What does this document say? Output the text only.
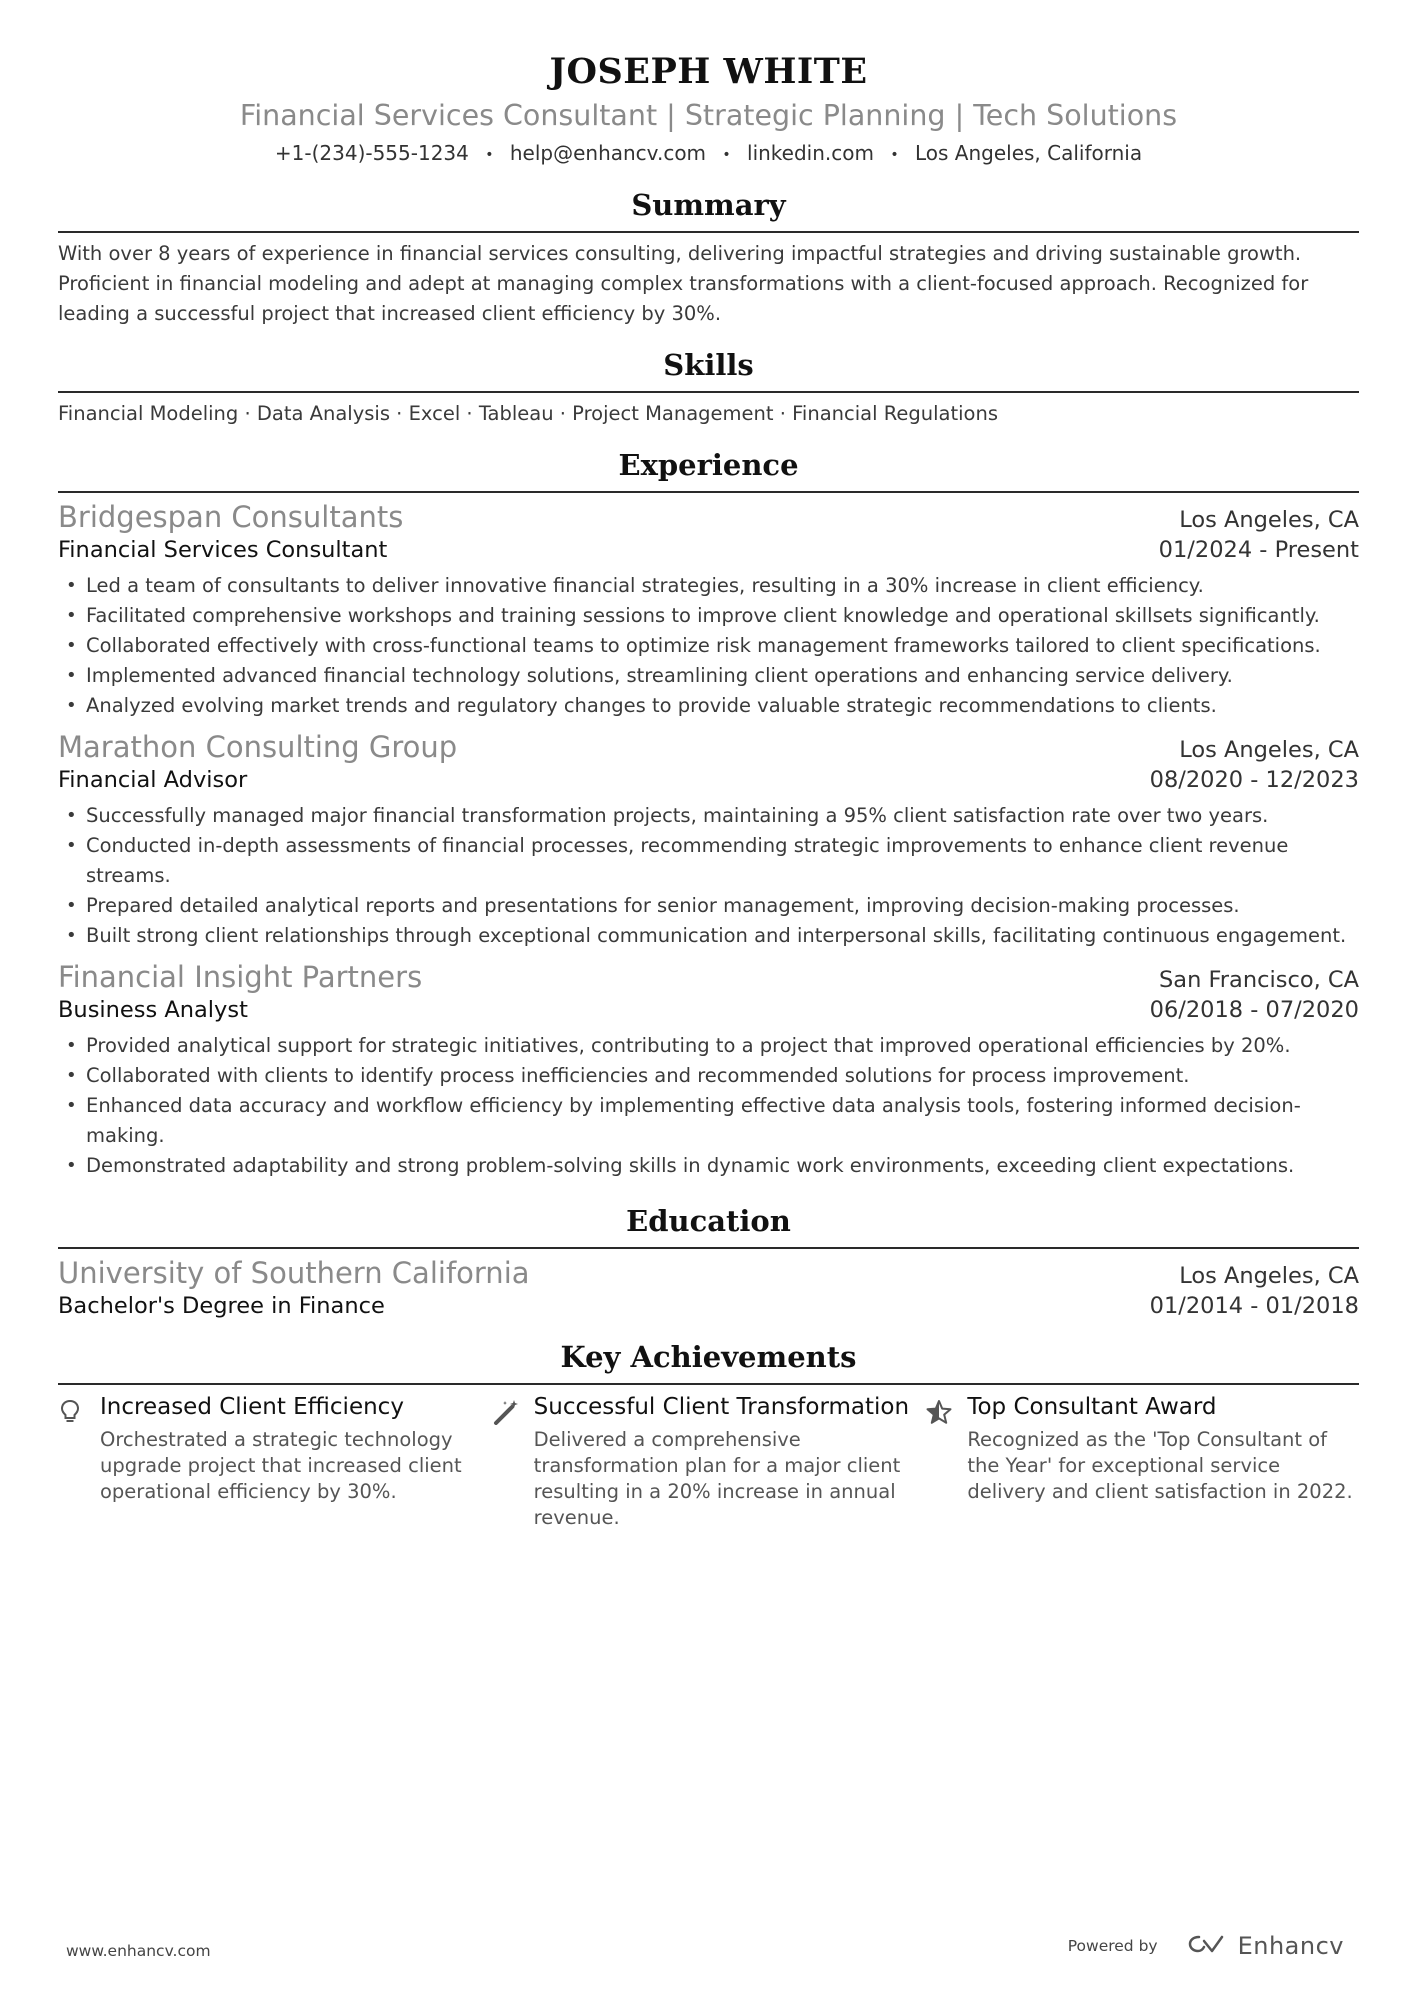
JOSEPH WHITE
Financial Services Consultant | Strategic Planning | Tech Solutions
+1-(234)-555-1234 • help@enhancv.com • linkedin.com • Los Angeles, California
Summary
With over 8 years of experience in financial services consulting, delivering impactful strategies and driving sustainable growth. Proficient in financial modeling and adept at managing complex transformations with a client-focused approach. Recognized for leading a successful project that increased client efficiency by 30%.
Skills
Financial Modeling · Data Analysis · Excel · Tableau · Project Management · Financial Regulations
Experience
Bridgespan Consultants	Los Angeles, CA
Financial Services Consultant	01/2024 - Present
• Led a team of consultants to deliver innovative financial strategies, resulting in a 30% increase in client efficiency.
• Facilitated comprehensive workshops and training sessions to improve client knowledge and operational skillsets significantly.
• Collaborated effectively with cross-functional teams to optimize risk management frameworks tailored to client specifications.
• Implemented advanced financial technology solutions, streamlining client operations and enhancing service delivery.
• Analyzed evolving market trends and regulatory changes to provide valuable strategic recommendations to clients.
Marathon Consulting Group	Los Angeles, CA
Financial Advisor	08/2020 - 12/2023
• Successfully managed major financial transformation projects, maintaining a 95% client satisfaction rate over two years.
• Conducted in-depth assessments of financial processes, recommending strategic improvements to enhance client revenue streams.
• Prepared detailed analytical reports and presentations for senior management, improving decision-making processes.
• Built strong client relationships through exceptional communication and interpersonal skills, facilitating continuous engagement.
Financial Insight Partners	San Francisco, CA
Business Analyst	06/2018 - 07/2020
• Provided analytical support for strategic initiatives, contributing to a project that improved operational efficiencies by 20%.
• Collaborated with clients to identify process inefficiencies and recommended solutions for process improvement.
• Enhanced data accuracy and workflow efficiency by implementing effective data analysis tools, fostering informed decision-making.
• Demonstrated adaptability and strong problem-solving skills in dynamic work environments, exceeding client expectations.
Education
University of Southern California	Los Angeles, CA
Bachelor's Degree in Finance	01/2014 - 01/2018
Key Achievements
Increased Client Efficiency
Orchestrated a strategic technology upgrade project that increased client operational efficiency by 30%.
Successful Client Transformation
Delivered a comprehensive transformation plan for a major client resulting in a 20% increase in annual revenue.
Top Consultant Award
Recognized as the 'Top Consultant of the Year' for exceptional service delivery and client satisfaction in 2022.
www.enhancv.com	Powered by	Enhancv
